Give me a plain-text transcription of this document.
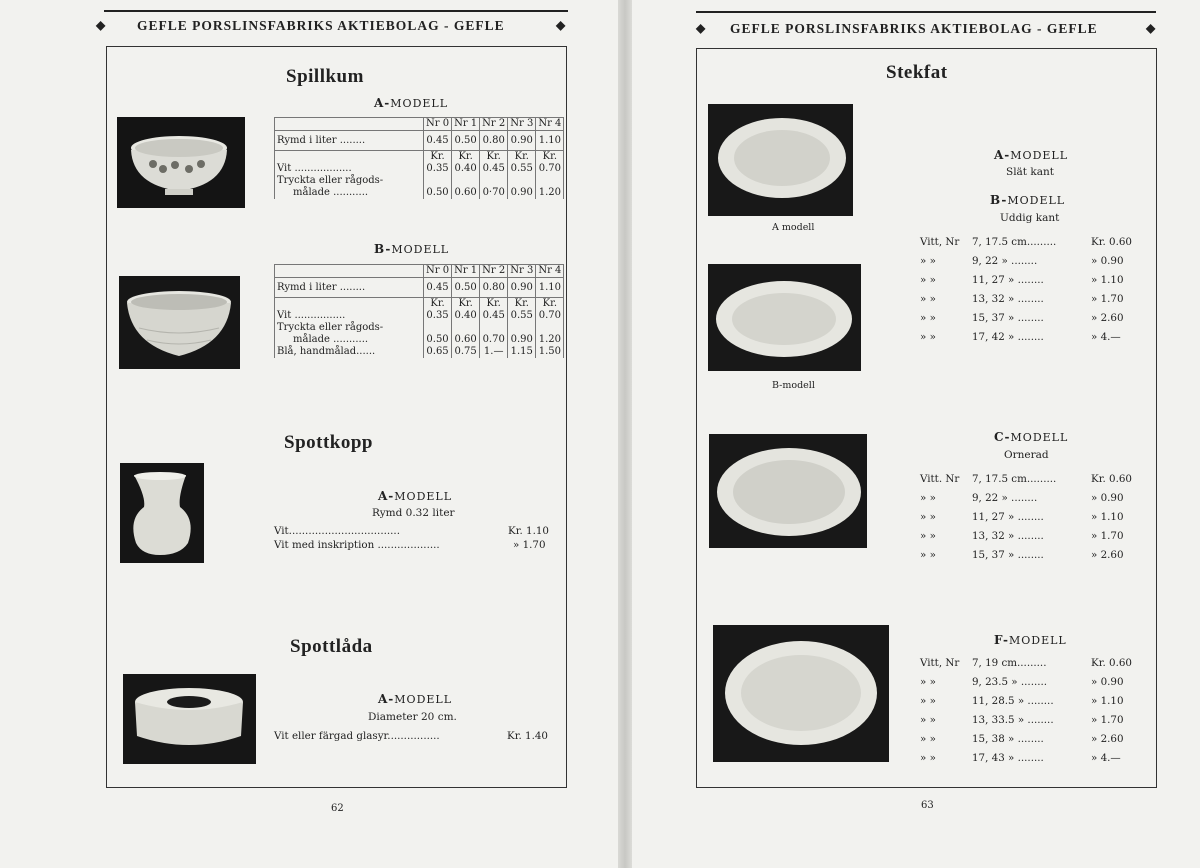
◆ GEFLE PORSLINSFABRIKS AKTIEBOLAG - GEFLE	◆
Spillkum
A-MODELL
	Nr 0	Nr 1	Nr 2	Nr 3	Nr 4
Rymd i liter ........	0.45	0.50	0.80	0.90	1.10
	Kr.	Kr.	Kr.	Kr.	Kr.
Vit ..................	0.35	0.40	0.45	0.55	0.70
Tryckta eller rågods-					
målade ...........	0.50	0.60	0·70	0.90	1.20
B-MODELL
	Nr 0	Nr 1	Nr 2	Nr 3	Nr 4
Rymd i liter ........	0.45	0.50	0.80	0.90	1.10
	Kr.	Kr.	Kr.	Kr.	Kr.
Vit ................	0.35	0.40	0.45	0.55	0.70
Tryckta eller rågods-					
målade ...........	0.50	0.60	0.70	0.90	1.20
Blå, handmålad......	0.65	0.75	1.—	1.15	1.50
Spottkopp
A-MODELL
Rymd 0.32 liter
Vit..................................	Kr. 1.10
Vit med inskription ...................	» 1.70
Spottlåda
A-MODELL
Diameter 20 cm.
Vit eller färgad glasyr................	Kr. 1.40
62
◆ GEFLE PORSLINSFABRIKS AKTIEBOLAG - GEFLE	◆
Stekfat
A modell
B-modell
A-MODELL
Slät kant
B-MODELL
Uddig kant
Vitt, Nr 7, 17.5 cm.........	Kr. 0.60
» »	9, 22 » ........	» 0.90
» »	11, 27 » ........	» 1.10
» »	13, 32 » ........	» 1.70
» »	15, 37 » ........	» 2.60
» »	17, 42 » ........	» 4.—
C-MODELL
Ornerad
Vitt. Nr 7, 17.5 cm.........	Kr. 0.60
» »	9, 22 » ........	» 0.90
» »	11, 27 » ........	» 1.10
» »	13, 32 » ........	» 1.70
» »	15, 37 » ........	» 2.60
F-MODELL
Vitt, Nr 7, 19 cm.........	Kr. 0.60
» »	9, 23.5 » ........	» 0.90
» »	11, 28.5 » ........	» 1.10
» »	13, 33.5 » ........	» 1.70
» »	15, 38 » ........	» 2.60
» »	17, 43 » ........	» 4.—
63
